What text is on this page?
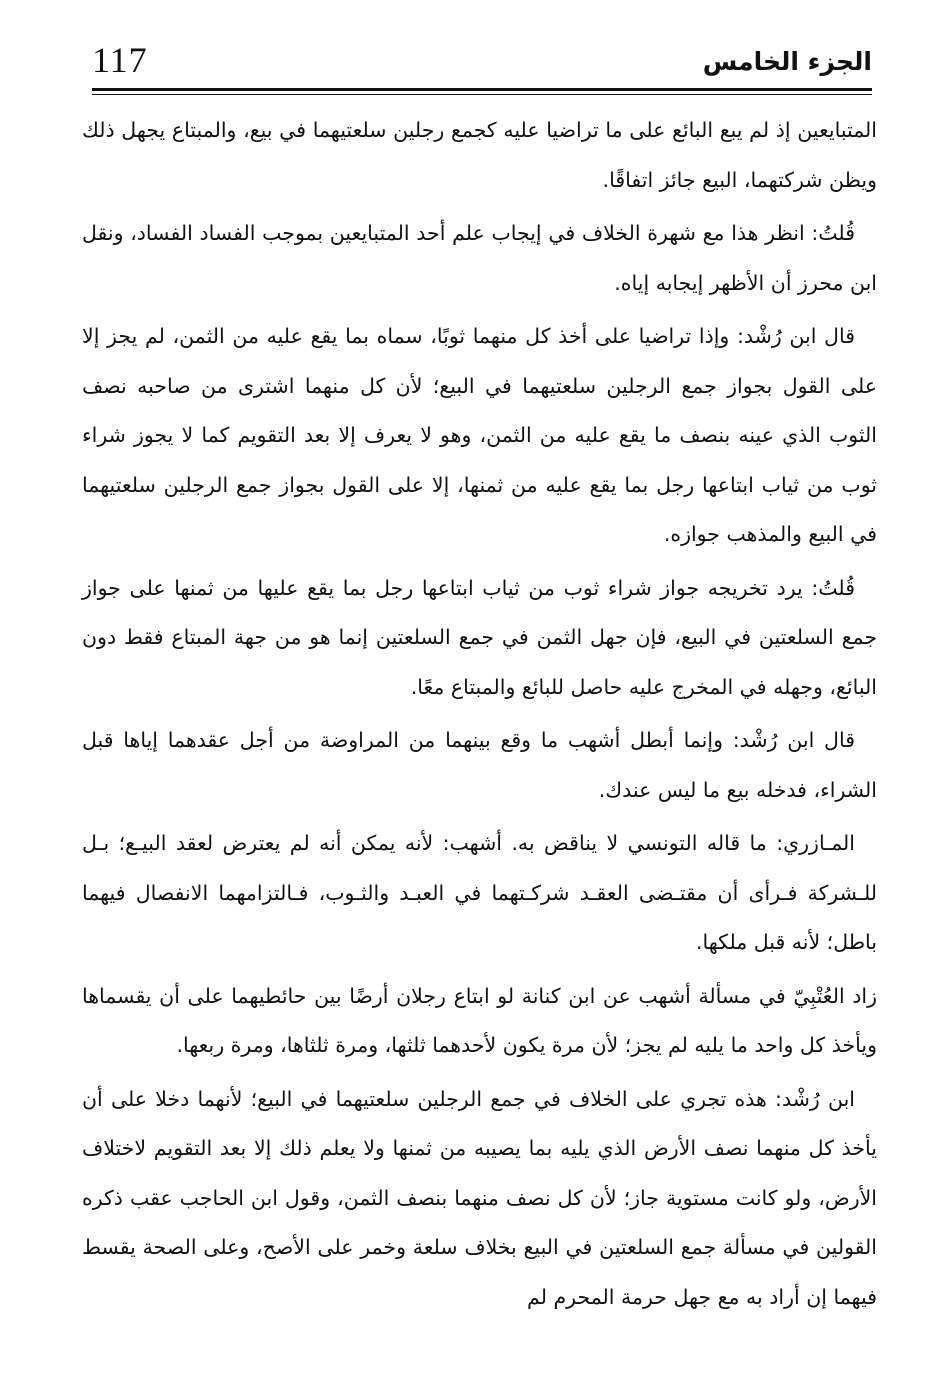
117	الجزء الخامس

المتبايعين إذ لم يبع البائع على ما تراضيا عليه كجمع رجلين سلعتيهما في بيع، والمبتاع يجهل ذلك ويظن شركتهما، البيع جائز اتفاقًا.

قُلتُ: انظر هذا مع شهرة الخلاف في إيجاب علم أحد المتبايعين بموجب الفساد الفساد، ونقل ابن محرز أن الأظهر إيجابه إياه.

قال ابن رُشْد: وإذا تراضيا على أخذ كل منهما ثوبًا، سماه بما يقع عليه من الثمن، لم يجز إلا على القول بجواز جمع الرجلين سلعتيهما في البيع؛ لأن كل منهما اشترى من صاحبه نصف الثوب الذي عينه بنصف ما يقع عليه من الثمن، وهو لا يعرف إلا بعد التقويم كما لا يجوز شراء ثوب من ثياب ابتاعها رجل بما يقع عليه من ثمنها، إلا على القول بجواز جمع الرجلين سلعتيهما في البيع والمذهب جوازه.

قُلتُ: يرد تخريجه جواز شراء ثوب من ثياب ابتاعها رجل بما يقع عليها من ثمنها على جواز جمع السلعتين في البيع، فإن جهل الثمن في جمع السلعتين إنما هو من جهة المبتاع فقط دون البائع، وجهله في المخرج عليه حاصل للبائع والمبتاع معًا.

قال ابن رُشْد: وإنما أبطل أشهب ما وقع بينهما من المراوضة من أجل عقدهما إياها قبل الشراء، فدخله بيع ما ليس عندك.

المـازري: ما قاله التونسي لا يناقض به. أشهب: لأنه يمكن أنه لم يعترض لعقد البيـع؛ بـل للـشركة فـرأى أن مقتـضى العقـد شركـتهما في العبـد والثـوب، فـالتزامهما الانفصال فيهما باطل؛ لأنه قبل ملكها.

زاد العُتْبِيّ في مسألة أشهب عن ابن كنانة لو ابتاع رجلان أرضًا بين حائطيهما على أن يقسماها ويأخذ كل واحد ما يليه لم يجز؛ لأن مرة يكون لأحدهما ثلثها، ومرة ثلثاها، ومرة ربعها.

ابن رُشْد: هذه تجري على الخلاف في جمع الرجلين سلعتيهما في البيع؛ لأنهما دخلا على أن يأخذ كل منهما نصف الأرض الذي يليه بما يصيبه من ثمنها ولا يعلم ذلك إلا بعد التقويم لاختلاف الأرض، ولو كانت مستوية جاز؛ لأن كل نصف منهما بنصف الثمن، وقول ابن الحاجب عقب ذكره القولين في مسألة جمع السلعتين في البيع بخلاف سلعة وخمر على الأصح، وعلى الصحة يقسط فيهما إن أراد به مع جهل حرمة المحرم لم
